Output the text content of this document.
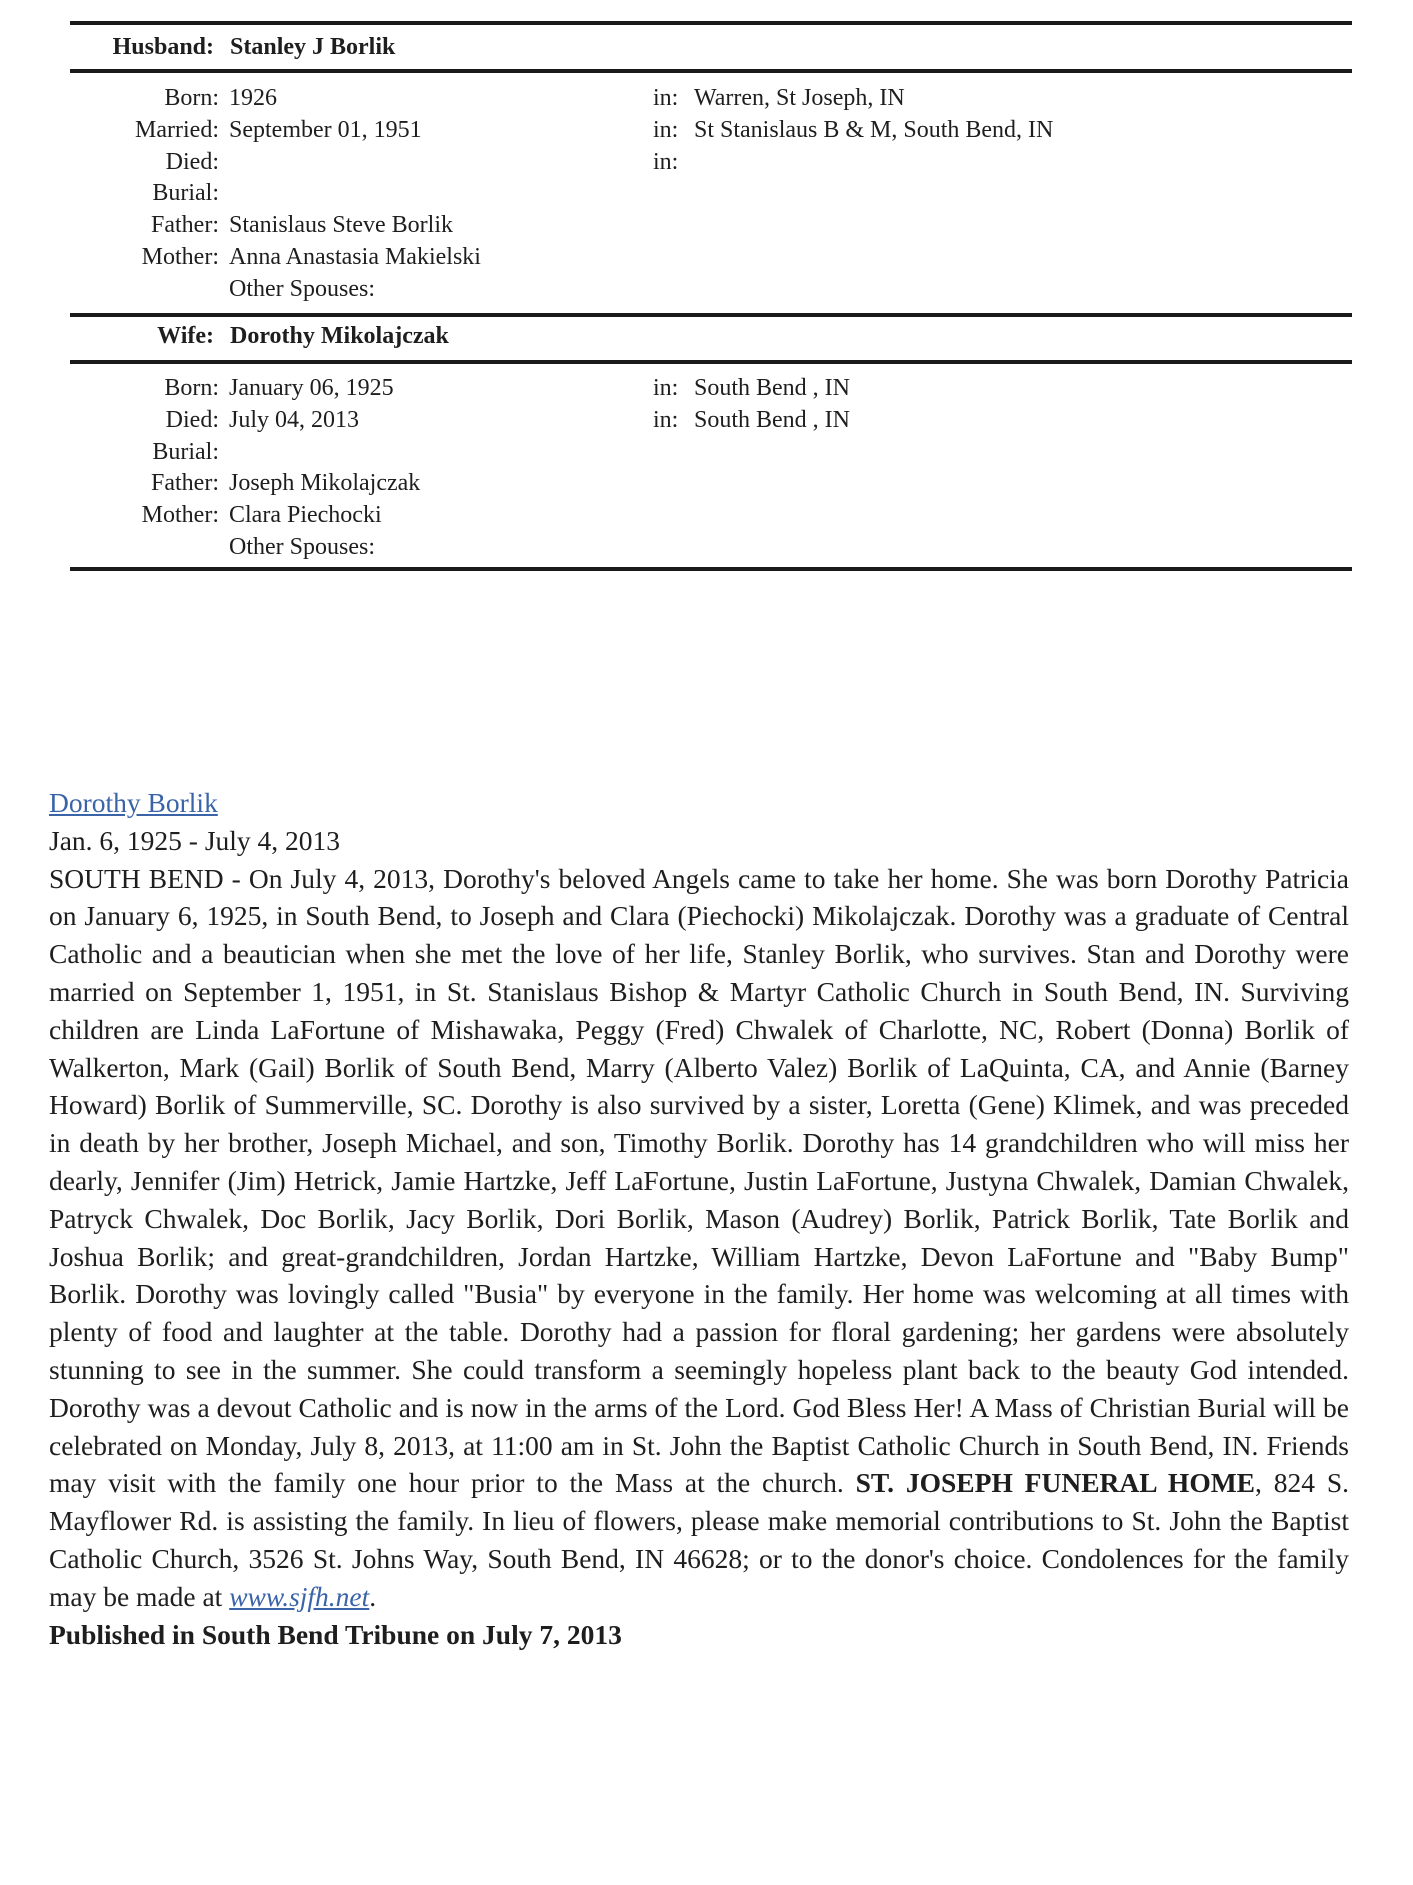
Husband: Stanley J Borlik
Born: 1926	in: Warren, St Joseph, IN
Married: September 01, 1951	in: St Stanislaus B & M, South Bend, IN
Died:	in:
Burial:
Father: Stanislaus Steve Borlik
Mother: Anna Anastasia Makielski
Other Spouses:
Wife: Dorothy Mikolajczak
Born: January 06, 1925	in: South Bend , IN
Died: July 04, 2013	in: South Bend , IN
Burial:
Father: Joseph Mikolajczak
Mother: Clara Piechocki
Other Spouses:
Dorothy Borlik
Jan. 6, 1925 - July 4, 2013
SOUTH BEND - On July 4, 2013, Dorothy's beloved Angels came to take her home. She was born Dorothy Patricia on January 6, 1925, in South Bend, to Joseph and Clara (Piechocki) Mikolajczak. Dorothy was a graduate of Central Catholic and a beautician when she met the love of her life, Stanley Borlik, who survives. Stan and Dorothy were married on September 1, 1951, in St. Stanislaus Bishop & Martyr Catholic Church in South Bend, IN. Surviving children are Linda LaFortune of Mishawaka, Peggy (Fred) Chwalek of Charlotte, NC, Robert (Donna) Borlik of Walkerton, Mark (Gail) Borlik of South Bend, Marry (Alberto Valez) Borlik of LaQuinta, CA, and Annie (Barney Howard) Borlik of Summerville, SC. Dorothy is also survived by a sister, Loretta (Gene) Klimek, and was preceded in death by her brother, Joseph Michael, and son, Timothy Borlik. Dorothy has 14 grandchildren who will miss her dearly, Jennifer (Jim) Hetrick, Jamie Hartzke, Jeff LaFortune, Justin LaFortune, Justyna Chwalek, Damian Chwalek, Patryck Chwalek, Doc Borlik, Jacy Borlik, Dori Borlik, Mason (Audrey) Borlik, Patrick Borlik, Tate Borlik and Joshua Borlik; and great-grandchildren, Jordan Hartzke, William Hartzke, Devon LaFortune and "Baby Bump" Borlik. Dorothy was lovingly called "Busia" by everyone in the family. Her home was welcoming at all times with plenty of food and laughter at the table. Dorothy had a passion for floral gardening; her gardens were absolutely stunning to see in the summer. She could transform a seemingly hopeless plant back to the beauty God intended. Dorothy was a devout Catholic and is now in the arms of the Lord. God Bless Her! A Mass of Christian Burial will be celebrated on Monday, July 8, 2013, at 11:00 am in St. John the Baptist Catholic Church in South Bend, IN. Friends may visit with the family one hour prior to the Mass at the church. ST. JOSEPH FUNERAL HOME, 824 S. Mayflower Rd. is assisting the family. In lieu of flowers, please make memorial contributions to St. John the Baptist Catholic Church, 3526 St. Johns Way, South Bend, IN 46628; or to the donor's choice. Condolences for the family may be made at www.sjfh.net.
Published in South Bend Tribune on July 7, 2013
